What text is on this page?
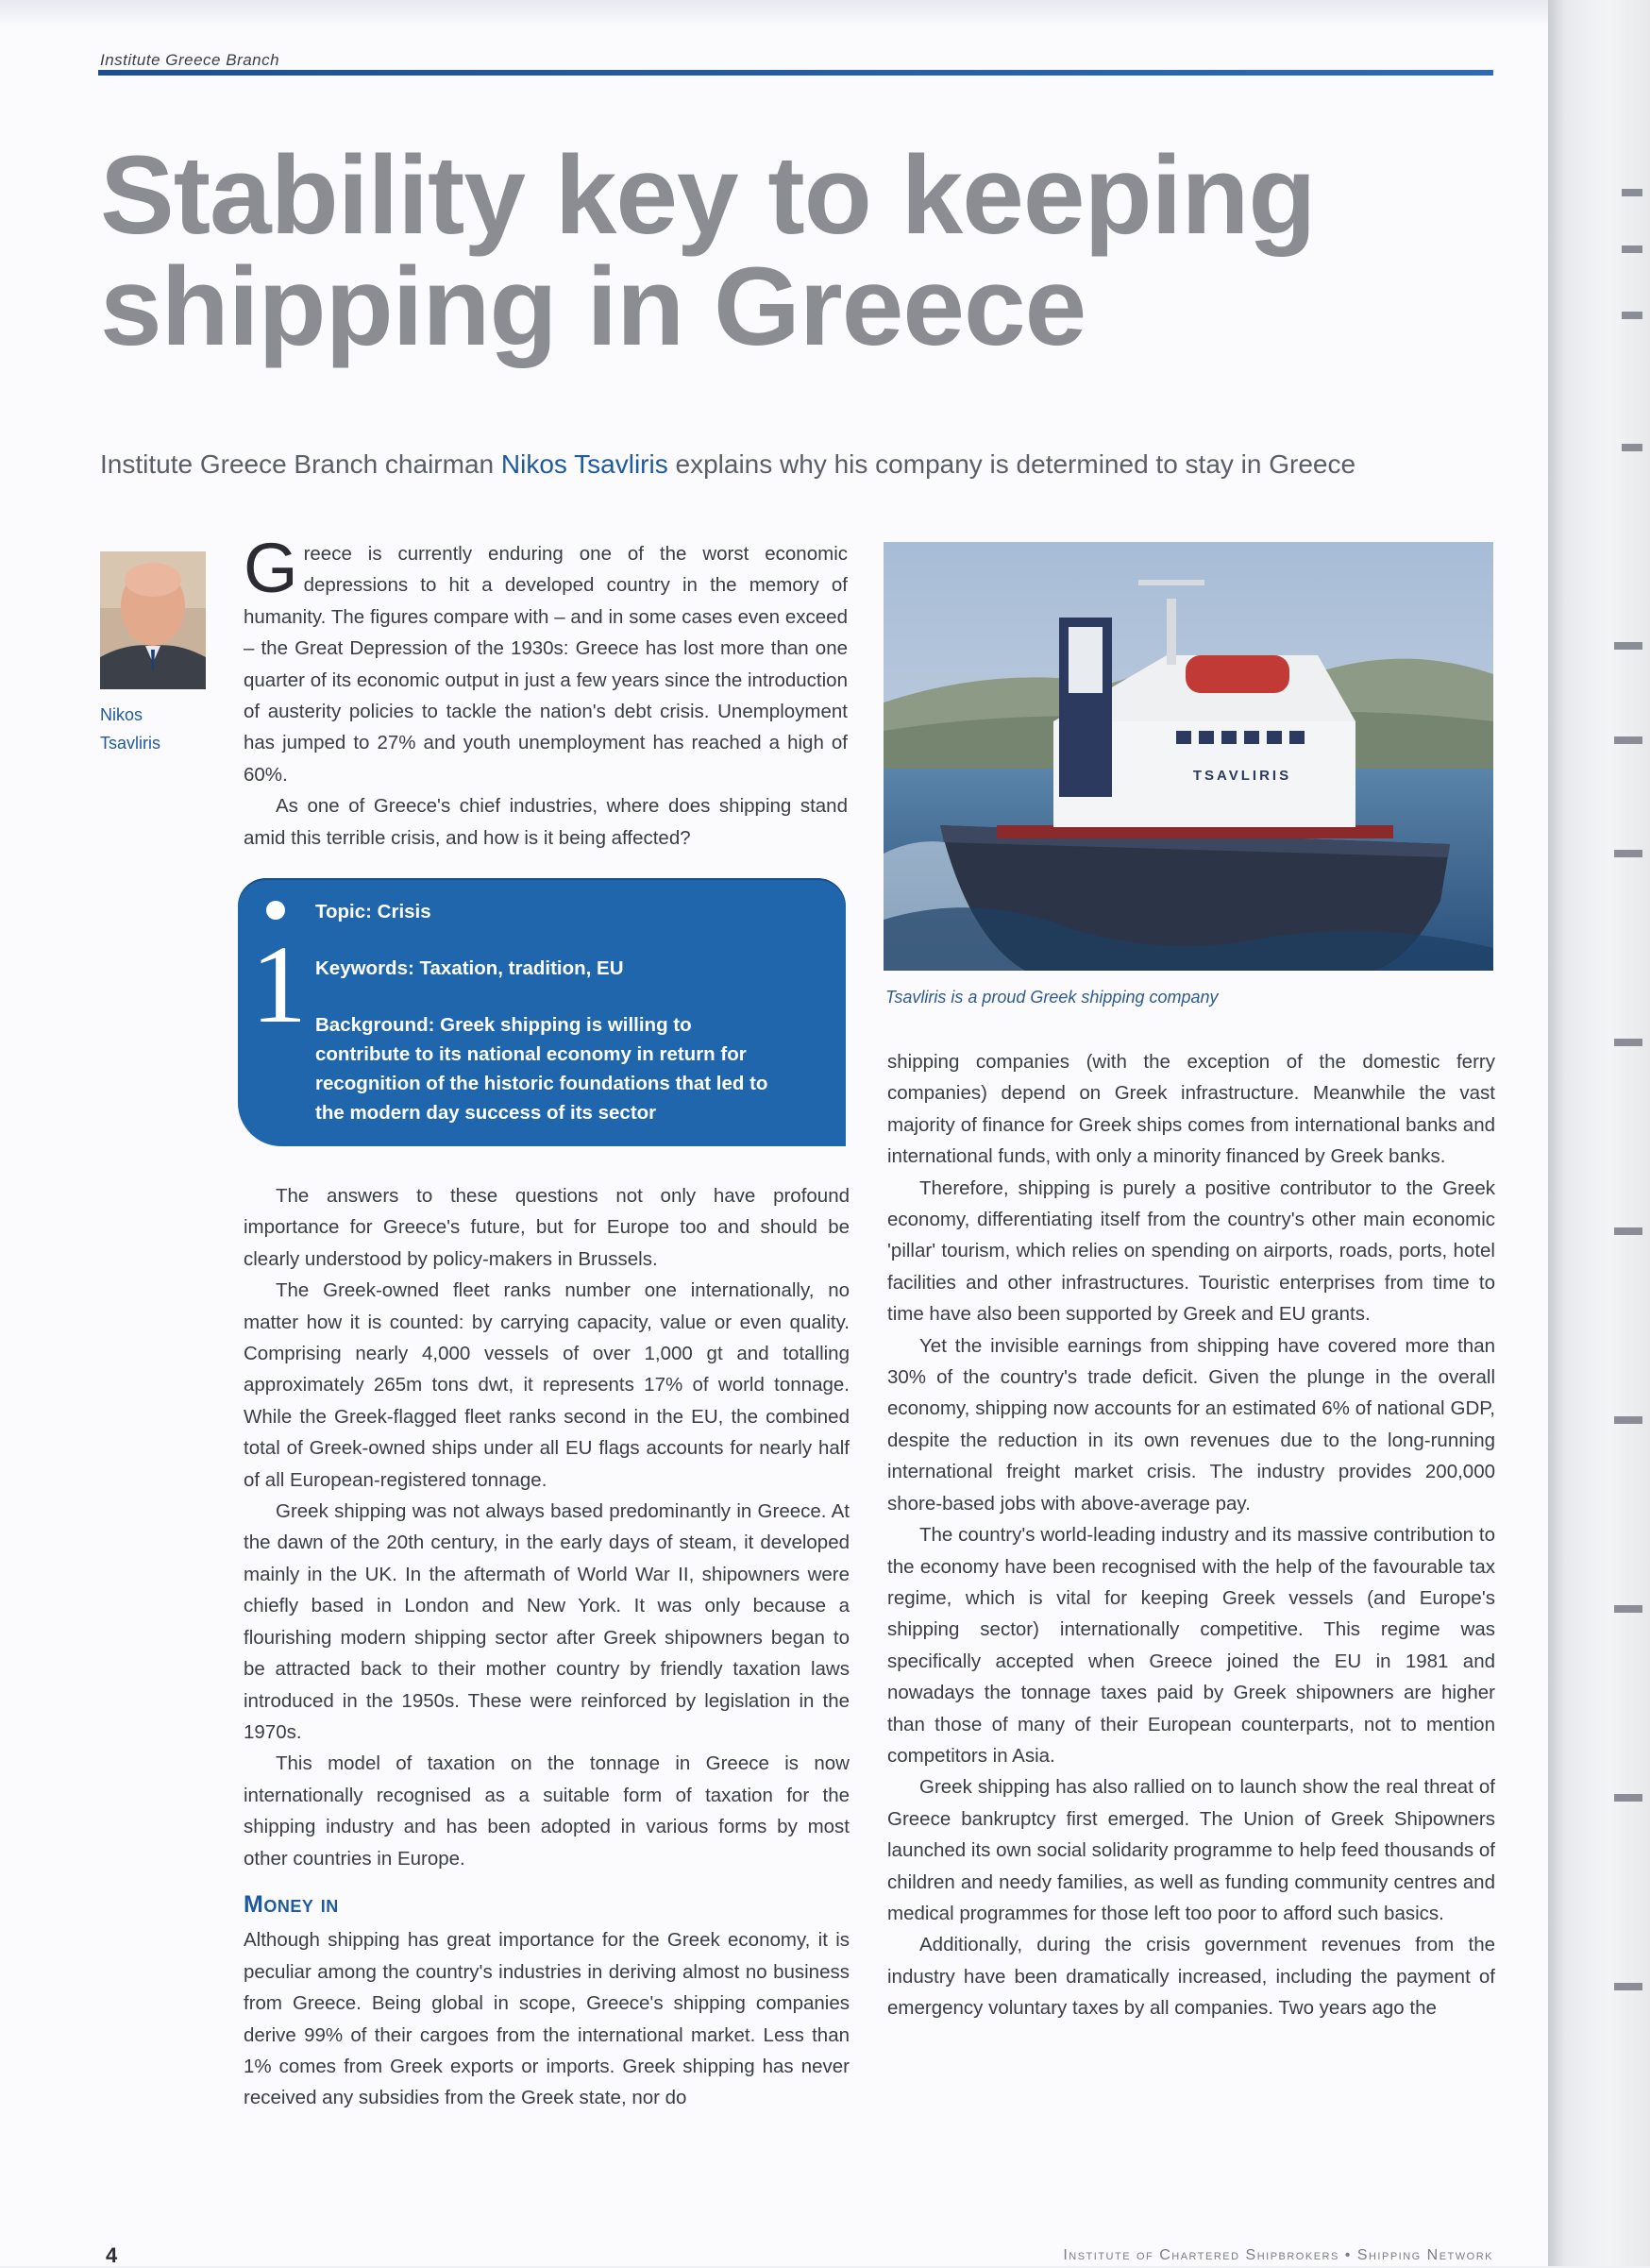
Institute Greece Branch
Stability key to keeping
shipping in Greece

Institute Greece Branch chairman Nikos Tsavliris explains why his company is determined to stay in Greece

Nikos
Tsavliris

Greece is currently enduring one of the worst economic depressions to hit a developed country in the memory of humanity. The figures compare with – and in some cases even exceed – the Great Depression of the 1930s: Greece has lost more than one quarter of its economic output in just a few years since the introduction of austerity policies to tackle the nation's debt crisis. Unemployment has jumped to 27% and youth unemployment has reached a high of 60%.

As one of Greece's chief industries, where does shipping stand amid this terrible crisis, and how is it being affected?

1
Topic: Crisis
Keywords: Taxation, tradition, EU
Background: Greek shipping is willing to
contribute to its national economy in return for
recognition of the historic foundations that led to
the modern day success of its sector

The answers to these questions not only have profound importance for Greece's future, but for Europe too and should be clearly understood by policy-makers in Brussels.

The Greek-owned fleet ranks number one internationally, no matter how it is counted: by carrying capacity, value or even quality. Comprising nearly 4,000 vessels of over 1,000 gt and totalling approximately 265m tons dwt, it represents 17% of world tonnage. While the Greek-flagged fleet ranks second in the EU, the combined total of Greek-owned ships under all EU flags accounts for nearly half of all European-registered tonnage.

Greek shipping was not always based predominantly in Greece. At the dawn of the 20th century, in the early days of steam, it developed mainly in the UK. In the aftermath of World War II, shipowners were chiefly based in London and New York. It was only because a flourishing modern shipping sector after Greek shipowners began to be attracted back to their mother country by friendly taxation laws introduced in the 1950s. These were reinforced by legislation in the 1970s.

This model of taxation on the tonnage in Greece is now internationally recognised as a suitable form of taxation for the shipping industry and has been adopted in various forms by most other countries in Europe.

Money in

Although shipping has great importance for the Greek economy, it is peculiar among the country's industries in deriving almost no business from Greece. Being global in scope, Greece's shipping companies derive 99% of their cargoes from the international market. Less than 1% comes from Greek exports or imports. Greek shipping has never received any subsidies from the Greek state, nor do

TSAVLIRIS
Tsavliris is a proud Greek shipping company

shipping companies (with the exception of the domestic ferry companies) depend on Greek infrastructure. Meanwhile the vast majority of finance for Greek ships comes from international banks and international funds, with only a minority financed by Greek banks.

Therefore, shipping is purely a positive contributor to the Greek economy, differentiating itself from the country's other main economic 'pillar' tourism, which relies on spending on airports, roads, ports, hotel facilities and other infrastructures. Touristic enterprises from time to time have also been supported by Greek and EU grants.

Yet the invisible earnings from shipping have covered more than 30% of the country's trade deficit. Given the plunge in the overall economy, shipping now accounts for an estimated 6% of national GDP, despite the reduction in its own revenues due to the long-running international freight market crisis. The industry provides 200,000 shore-based jobs with above-average pay.

The country's world-leading industry and its massive contribution to the economy have been recognised with the help of the favourable tax regime, which is vital for keeping Greek vessels (and Europe's shipping sector) internationally competitive. This regime was specifically accepted when Greece joined the EU in 1981 and nowadays the tonnage taxes paid by Greek shipowners are higher than those of many of their European counterparts, not to mention competitors in Asia.

Greek shipping has also rallied on to launch show the real threat of Greece bankruptcy first emerged. The Union of Greek Shipowners launched its own social solidarity programme to help feed thousands of children and needy families, as well as funding community centres and medical programmes for those left too poor to afford such basics.

Additionally, during the crisis government revenues from the industry have been dramatically increased, including the payment of emergency voluntary taxes by all companies. Two years ago the

4	Institute of Chartered Shipbrokers • Shipping Network
